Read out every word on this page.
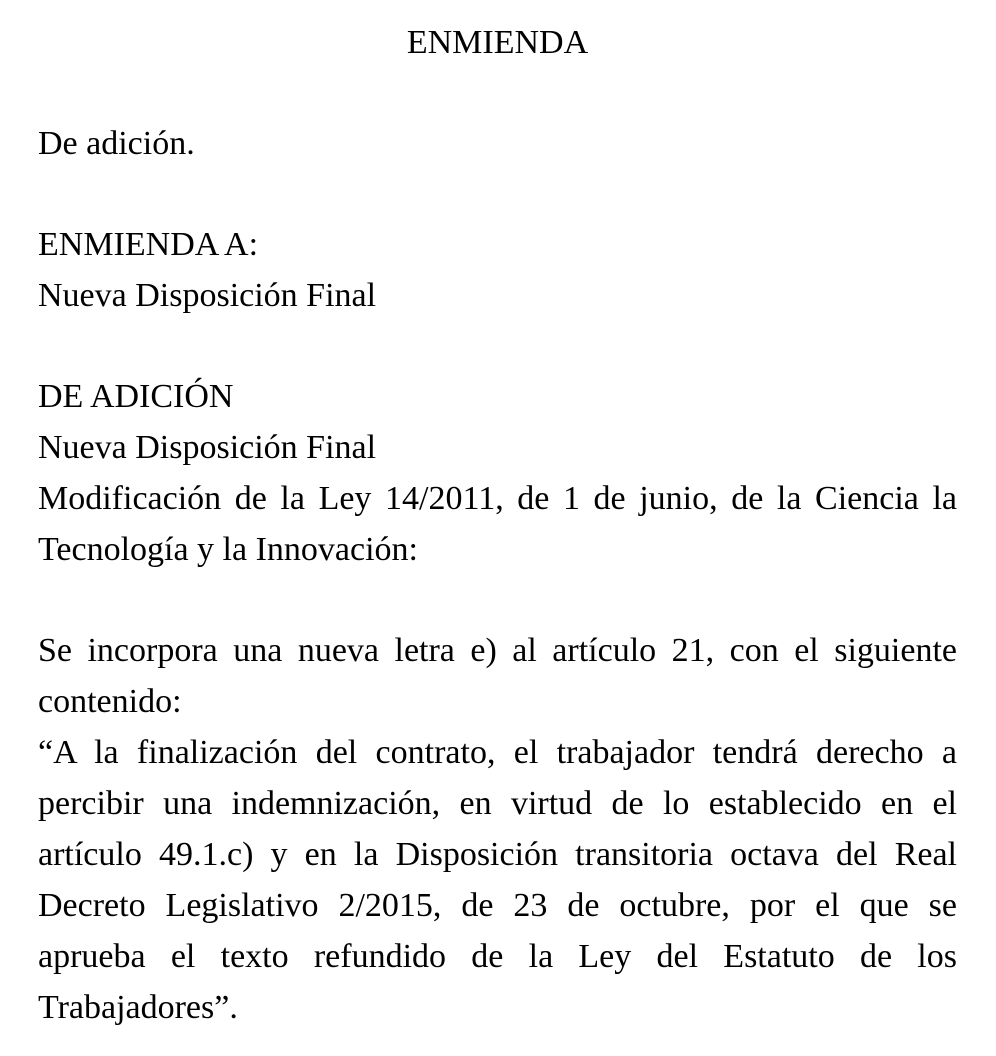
ENMIENDA
De adición.
ENMIENDA A:
Nueva Disposición Final
DE ADICIÓN
Nueva Disposición Final

Modificación de la Ley 14/2011, de 1 de junio, de la Ciencia la Tecnología y la Innovación:

Se incorpora una nueva letra e) al artículo 21, con el siguiente contenido:

“A la finalización del contrato, el trabajador tendrá derecho a percibir una indemnización, en virtud de lo establecido en el artículo 49.1.c) y en la Disposición transitoria octava del Real Decreto Legislativo 2/2015, de 23 de octubre, por el que se aprueba el texto refundido de la Ley del Estatuto de los Trabajadores”.
